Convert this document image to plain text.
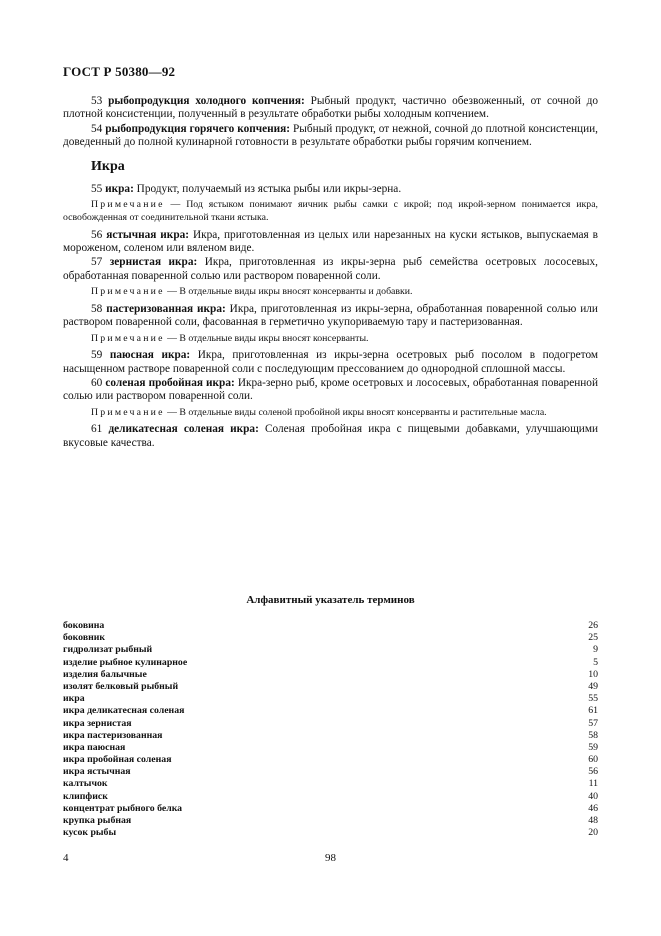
ГОСТ Р 50380—92

53 рыбопродукция холодного копчения: Рыбный продукт, частично обезвоженный, от сочной до плотной консистенции, полученный в результате обработки рыбы холодным копчением.

54 рыбопродукция горячего копчения: Рыбный продукт, от нежной, сочной до плотной консистенции, доведенный до полной кулинарной готовности в результате обработки рыбы горячим копчением.

Икра

55 икра: Продукт, получаемый из ястыка рыбы или икры-зерна.

Примечание — Под ястыком понимают яичник рыбы самки с икрой; под икрой-зерном понимается икра, освобожденная от соединительной ткани ястыка.

56 ястычная икра: Икра, приготовленная из целых или нарезанных на куски ястыков, выпускаемая в мороженом, соленом или вяленом виде.

57 зернистая икра: Икра, приготовленная из икры-зерна рыб семейства осетровых лососевых, обработанная поваренной солью или раствором поваренной соли.

Примечание — В отдельные виды икры вносят консерванты и добавки.

58 пастеризованная икра: Икра, приготовленная из икры-зерна, обработанная поваренной солью или раствором поваренной соли, фасованная в герметично укупориваемую тару и пастеризованная.

Примечание — В отдельные виды икры вносят консерванты.

59 паюсная икра: Икра, приготовленная из икры-зерна осетровых рыб посолом в подогретом насыщенном растворе поваренной соли с последующим прессованием до однородной сплошной массы.

60 соленая пробойная икра: Икра-зерно рыб, кроме осетровых и лососевых, обработанная поваренной солью или раствором поваренной соли.

Примечание — В отдельные виды соленой пробойной икры вносят консерванты и растительные масла.

61 деликатесная соленая икра: Соленая пробойная икра с пищевыми добавками, улучшающими вкусовые качества.

Алфавитный указатель терминов
боковина	26
боковник	25
гидролизат рыбный	9
изделие рыбное кулинарное	5
изделия балычные	10
изолят белковый рыбный	49
икра	55
икра деликатесная соленая	61
икра зернистая	57
икра пастеризованная	58
икра паюсная	59
икра пробойная соленая	60
икра ястычная	56
калтычок	11
клипфиск	40
концентрат рыбного белка	46
крупка рыбная	48
кусок рыбы	20
4	98
